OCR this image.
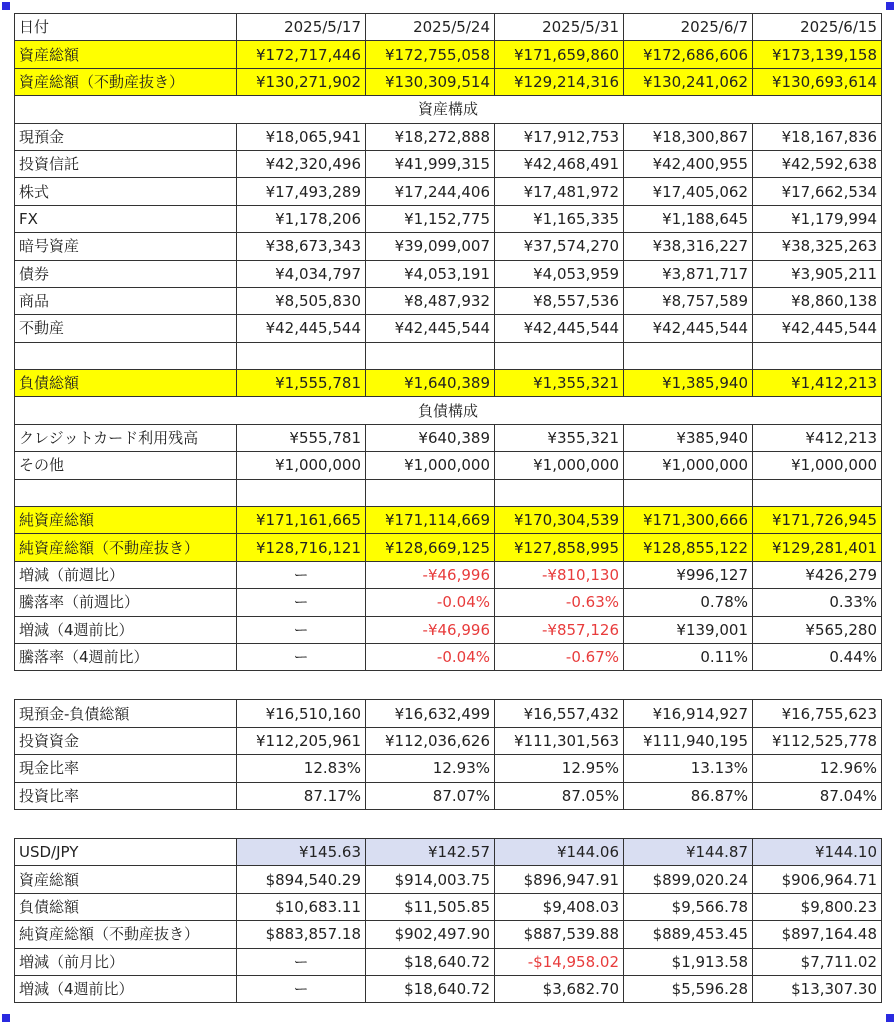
日付	2025/5/17	2025/5/24	2025/5/31	2025/6/7	2025/6/15
資産総額	¥172,717,446	¥172,755,058	¥171,659,860	¥172,686,606	¥173,139,158
資産総額（不動産抜き）	¥130,271,902	¥130,309,514	¥129,214,316	¥130,241,062	¥130,693,614
資産構成					
現預金	¥18,065,941	¥18,272,888	¥17,912,753	¥18,300,867	¥18,167,836
投資信託	¥42,320,496	¥41,999,315	¥42,468,491	¥42,400,955	¥42,592,638
株式	¥17,493,289	¥17,244,406	¥17,481,972	¥17,405,062	¥17,662,534
FX	¥1,178,206	¥1,152,775	¥1,165,335	¥1,188,645	¥1,179,994
暗号資産	¥38,673,343	¥39,099,007	¥37,574,270	¥38,316,227	¥38,325,263
債券	¥4,034,797	¥4,053,191	¥4,053,959	¥3,871,717	¥3,905,211
商品	¥8,505,830	¥8,487,932	¥8,557,536	¥8,757,589	¥8,860,138
不動産	¥42,445,544	¥42,445,544	¥42,445,544	¥42,445,544	¥42,445,544

負債総額	¥1,555,781	¥1,640,389	¥1,355,321	¥1,385,940	¥1,412,213
負債構成					
クレジットカード利用残高	¥555,781	¥640,389	¥355,321	¥385,940	¥412,213
その他	¥1,000,000	¥1,000,000	¥1,000,000	¥1,000,000	¥1,000,000

純資産総額	¥171,161,665	¥171,114,669	¥170,304,539	¥171,300,666	¥171,726,945
純資産総額（不動産抜き）	¥128,716,121	¥128,669,125	¥127,858,995	¥128,855,122	¥129,281,401
増減（前週比）	ー	-¥46,996	-¥810,130	¥996,127	¥426,279
騰落率（前週比）	ー	-0.04%	-0.63%	0.78%	0.33%
増減（4週前比）	ー	-¥46,996	-¥857,126	¥139,001	¥565,280
騰落率（4週前比）	ー	-0.04%	-0.67%	0.11%	0.44%
現預金-負債総額	¥16,510,160	¥16,632,499	¥16,557,432	¥16,914,927	¥16,755,623
投資資金	¥112,205,961	¥112,036,626	¥111,301,563	¥111,940,195	¥112,525,778
現金比率	12.83%	12.93%	12.95%	13.13%	12.96%
投資比率	87.17%	87.07%	87.05%	86.87%	87.04%
USD/JPY	¥145.63	¥142.57	¥144.06	¥144.87	¥144.10
資産総額	$894,540.29	$914,003.75	$896,947.91	$899,020.24	$906,964.71
負債総額	$10,683.11	$11,505.85	$9,408.03	$9,566.78	$9,800.23
純資産総額（不動産抜き）	$883,857.18	$902,497.90	$887,539.88	$889,453.45	$897,164.48
増減（前月比）	ー	$18,640.72	-$14,958.02	$1,913.58	$7,711.02
増減（4週前比）	ー	$18,640.72	$3,682.70	$5,596.28	$13,307.30
